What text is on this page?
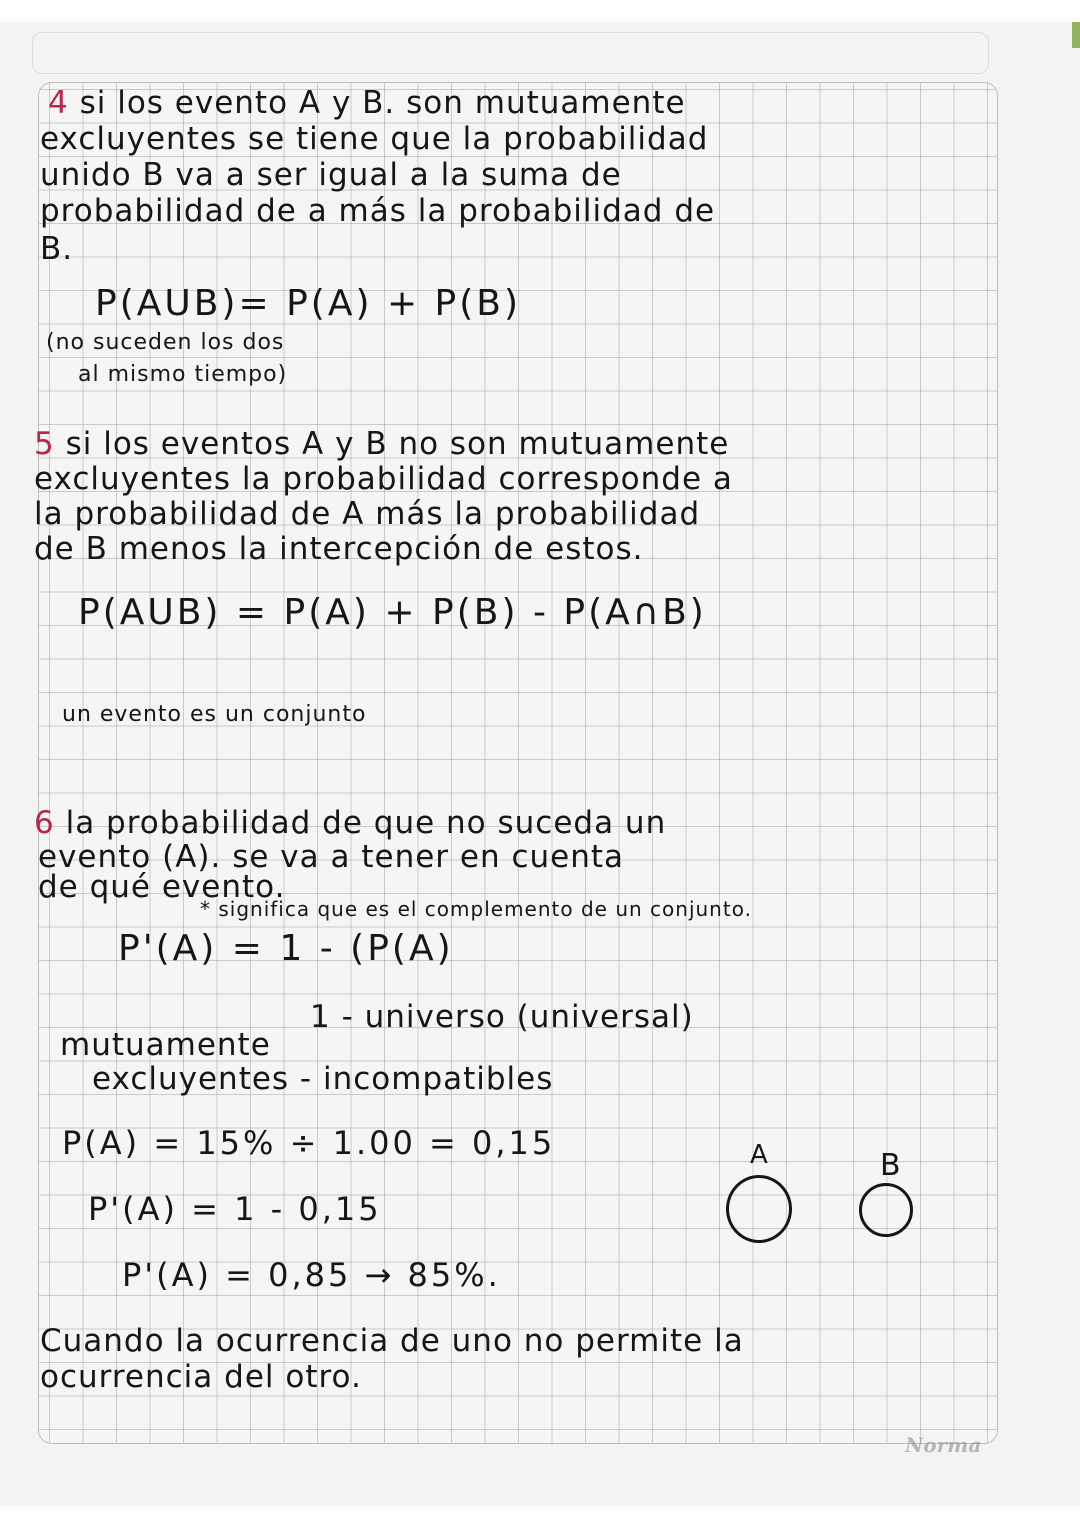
4 si los evento A y B. son mutuamente
excluyentes se tiene que la probabilidad
unido B va a ser igual a la suma de
probabilidad de a más la probabilidad de
B.
P(AUB)= P(A) + P(B)
(no suceden los dos
al mismo tiempo)
5 si los eventos A y B no son mutuamente
excluyentes la probabilidad corresponde a
la probabilidad de A más la probabilidad
de B menos la intercepción de estos.
P(AUB) = P(A) + P(B) - P(A∩B)
un evento es un conjunto
6 la probabilidad de que no suceda un
evento (A). se va a tener en cuenta
de qué evento.
* significa que es el complemento de un conjunto.
P'(A) = 1 - (P(A)
1 - universo (universal)
mutuamente
excluyentes - incompatibles
P(A) = 15% ÷ 1.00 = 0,15
P'(A) = 1 - 0,15
P'(A) = 0,85 → 85%.
A	B
Cuando la ocurrencia de uno no permite la
ocurrencia del otro.
Norma
